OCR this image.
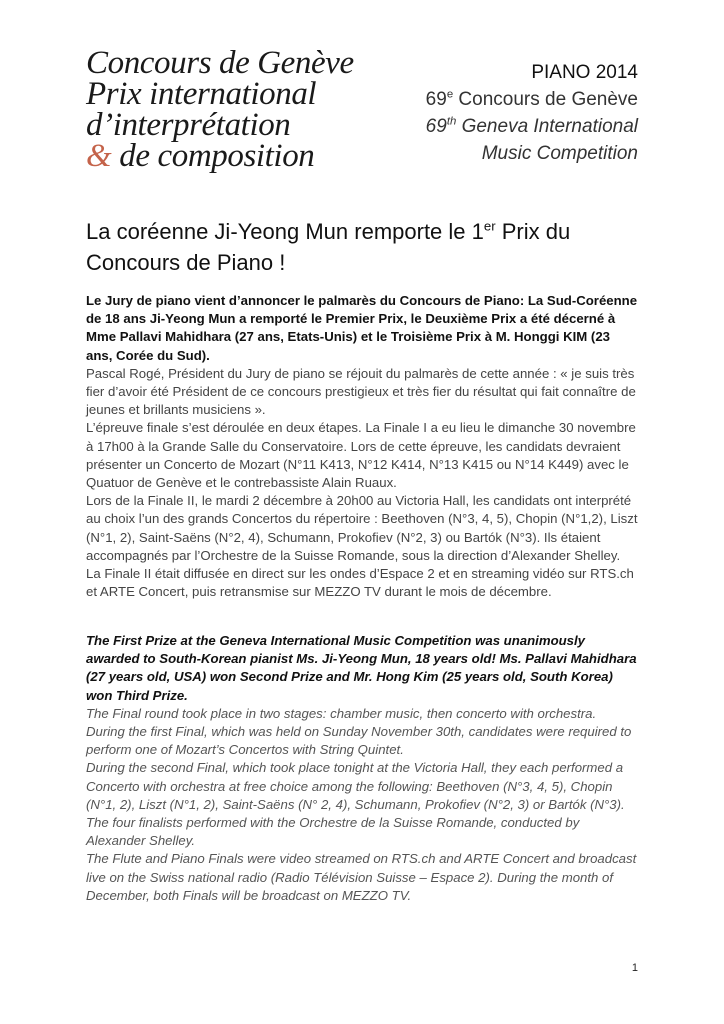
Concours de Genève
Prix international
d’interprétation
& de composition
PIANO 2014
69e Concours de Genève
69th Geneva International
Music Competition
La coréenne Ji-Yeong Mun remporte le 1er Prix du Concours de Piano !
Le Jury de piano vient d’annoncer le palmarès du Concours de Piano: La Sud-Coréenne de 18 ans Ji-Yeong Mun a remporté le Premier Prix, le Deuxième Prix a été décerné à Mme Pallavi Mahidhara (27 ans, Etats-Unis) et le Troisième Prix à M. Honggi KIM (23 ans, Corée du Sud).

Pascal Rogé, Président du Jury de piano se réjouit du palmarès de cette année : « je suis très fier d’avoir été Président de ce concours prestigieux et très fier du résultat qui fait connaître de jeunes et brillants musiciens ».

L’épreuve finale s’est déroulée en deux étapes. La Finale I a eu lieu le dimanche 30 novembre à 17h00 à la Grande Salle du Conservatoire. Lors de cette épreuve, les candidats devraient présenter un Concerto de Mozart (N°11 K413, N°12 K414, N°13 K415 ou N°14 K449) avec le Quatuor de Genève et le contrebassiste Alain Ruaux.

Lors de la Finale II, le mardi 2 décembre à 20h00 au Victoria Hall, les candidats ont interprété au choix l’un des grands Concertos du répertoire : Beethoven (N°3, 4, 5), Chopin (N°1,2), Liszt (N°1, 2), Saint-Saëns (N°2, 4), Schumann, Prokofiev (N°2, 3) ou Bartók (N°3). Ils étaient accompagnés par l’Orchestre de la Suisse Romande, sous la direction d’Alexander Shelley.

La Finale II était diffusée en direct sur les ondes d’Espace 2 et en streaming vidéo sur RTS.ch et ARTE Concert, puis retransmise sur MEZZO TV durant le mois de décembre.

The First Prize at the Geneva International Music Competition was unanimously awarded to South-Korean pianist Ms. Ji-Yeong Mun, 18 years old! Ms. Pallavi Mahidhara (27 years old, USA) won Second Prize and Mr. Hong Kim (25 years old, South Korea) won Third Prize.

The Final round took place in two stages: chamber music, then concerto with orchestra. During the first Final, which was held on Sunday November 30th, candidates were required to perform one of Mozart’s Concertos with String Quintet.

During the second Final, which took place tonight at the Victoria Hall, they each performed a Concerto with orchestra at free choice among the following: Beethoven (N°3, 4, 5), Chopin (N°1, 2), Liszt (N°1, 2), Saint-Saëns (N° 2, 4), Schumann, Prokofiev (N°2, 3) or Bartók (N°3). The four finalists performed with the Orchestre de la Suisse Romande, conducted by Alexander Shelley.

The Flute and Piano Finals were video streamed on RTS.ch and ARTE Concert and broadcast live on the Swiss national radio (Radio Télévision Suisse – Espace 2). During the month of December, both Finals will be broadcast on MEZZO TV.

1
